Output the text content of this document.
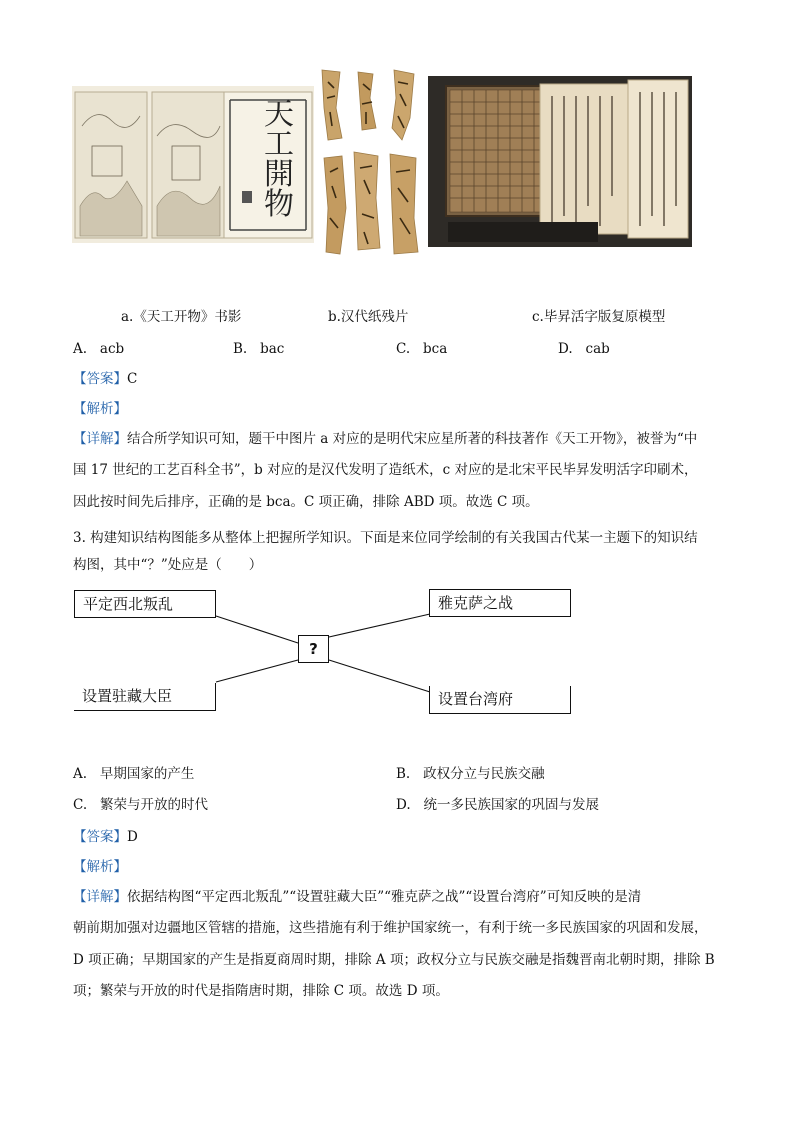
天工開物
a.《天工开物》书影	b.汉代纸残片	c.毕昇活字版复原模型
A. acb	B. bac	C. bca	D. cab
【答案】C
【解析】
【详解】结合所学知识可知，题干中图片 a 对应的是明代宋应星所著的科技著作《天工开物》，被誉为“中
国 17 世纪的工艺百科全书”，b 对应的是汉代发明了造纸术，c 对应的是北宋平民毕昇发明活字印刷术，
因此按时间先后排序，正确的是 bca。C 项正确，排除 ABD 项。故选 C 项。
3. 构建知识结构图能多从整体上把握所学知识。下面是来位同学绘制的有关我国古代某一主题下的知识结
构图，其中“？”处应是（　　）
平定西北叛乱	雅克萨之战
?
设置驻藏大臣	设置台湾府
A. 早期国家的产生	B. 政权分立与民族交融
C. 繁荣与开放的时代	D. 统一多民族国家的巩固与发展
【答案】D
【解析】
【详解】依据结构图“平定西北叛乱”“设置驻藏大臣”“雅克萨之战”“设置台湾府”可知反映的是清
朝前期加强对边疆地区管辖的措施，这些措施有利于维护国家统一，有利于统一多民族国家的巩固和发展，
D 项正确；早期国家的产生是指夏商周时期，排除 A 项；政权分立与民族交融是指魏晋南北朝时期，排除 B
项；繁荣与开放的时代是指隋唐时期，排除 C 项。故选 D 项。
